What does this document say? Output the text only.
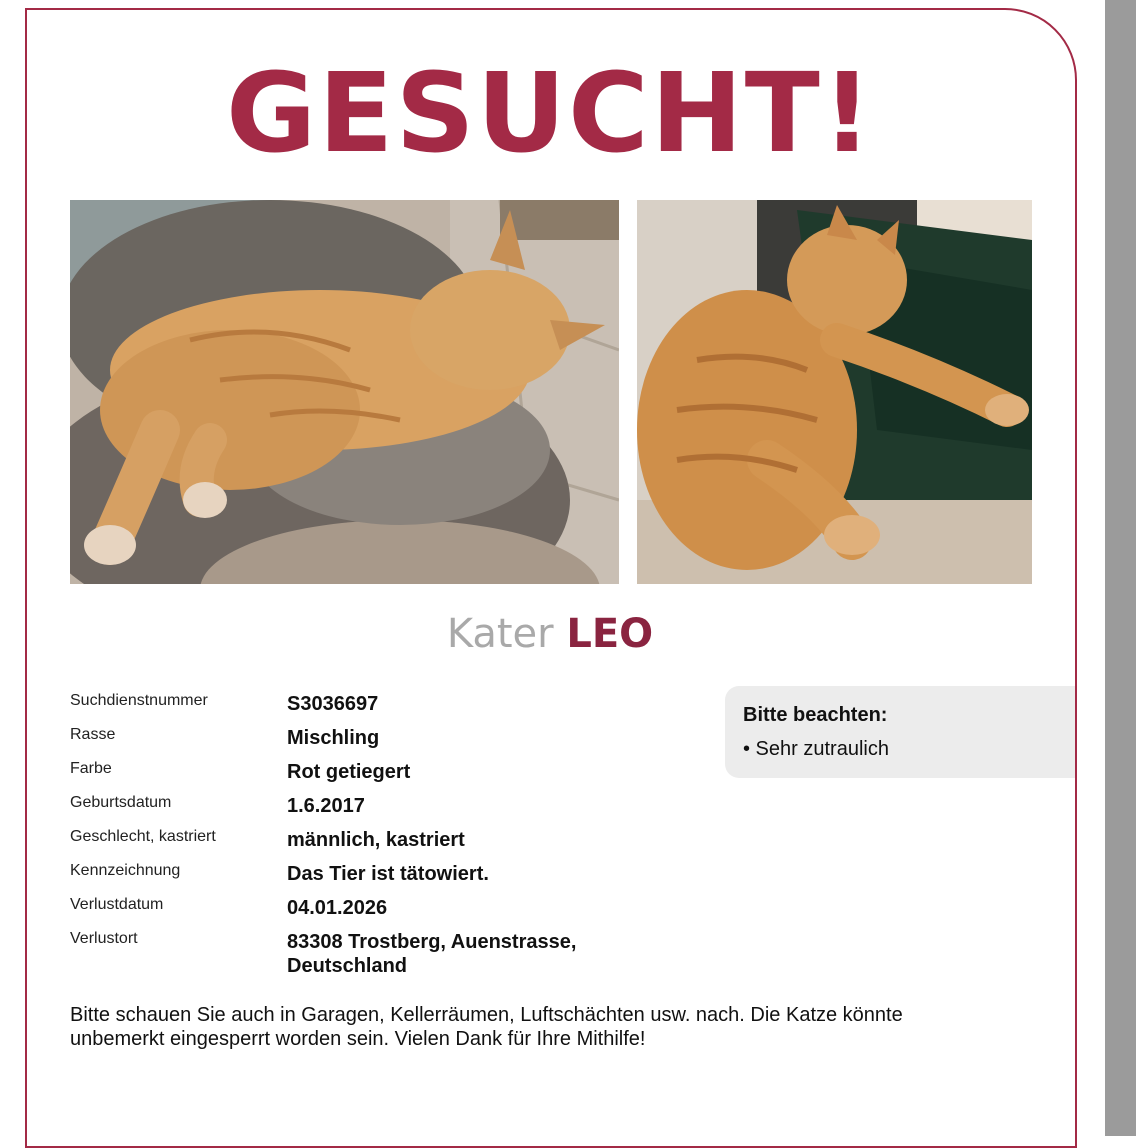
GESUCHT!
Kater LEO
Suchdienstnummer	S3036697
Rasse	Mischling
Farbe	Rot getiegert
Geburtsdatum	1.6.2017
Geschlecht, kastriert	männlich, kastriert
Kennzeichnung	Das Tier ist tätowiert.
Verlustdatum	04.01.2026
Verlustort	83308 Trostberg, Auenstrasse, Deutschland
Bitte beachten:
• Sehr zutraulich
Bitte schauen Sie auch in Garagen, Kellerräumen, Luftschächten usw. nach. Die Katze könnte unbemerkt eingesperrt worden sein. Vielen Dank für Ihre Mithilfe!
